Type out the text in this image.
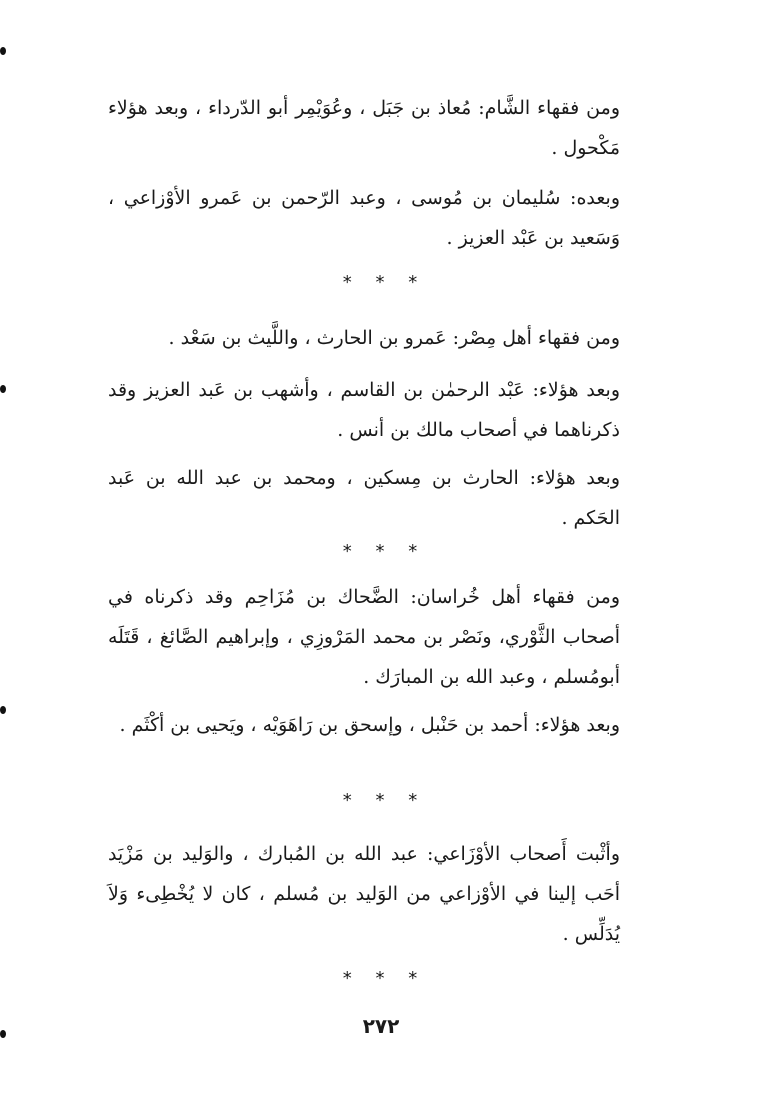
ومن فقهاء الشَّام: مُعاذ بن جَبَل ، وعُوَيْمِر أبو الدّرداء ، وبعد هؤلاء مَكْحول .

وبعده: سُليمان بن مُوسى ، وعبد الرّحمن بن عَمرو الأوْزاعي ، وَسَعيد بن عَبْد العزيز .

* * *

ومن فقهاء أهل مِصْر: عَمرو بن الحارث ، واللَّيث بن سَعْد .

وبعد هؤلاء: عَبْد الرحمٰن بن القاسم ، وأشهب بن عَبد العزيز وقد ذكرناهما في أصحاب مالك بن أنس .

وبعد هؤلاء: الحارث بن مِسكين ، ومحمد بن عبد الله بن عَبد الحَكم .

* * *

ومن فقهاء أهل خُراسان: الضَّحاك بن مُزَاحِم وقد ذكرناه في أصحاب الثَّوْري، ونَصْر بن محمد المَرْوزِي ، وإبراهيم الصَّائغ ، قَتَلَه أبومُسلم ، وعبد الله بن المبارَك .

وبعد هؤلاء: أحمد بن حَنْبل ، وإسحق بن رَاهَوَيْه ، ويَحيى بن أكْثَم .

* * *

وأثْبت أَصحاب الأوْزَاعي: عبد الله بن المُبارك ، والوَليد بن مَزْيَد أحَب إلينا في الأوْزاعي من الوَليد بن مُسلم ، كان لا يُخْطِىء وَلاَ يُدَلِّس .

* * *
٢٧٢
